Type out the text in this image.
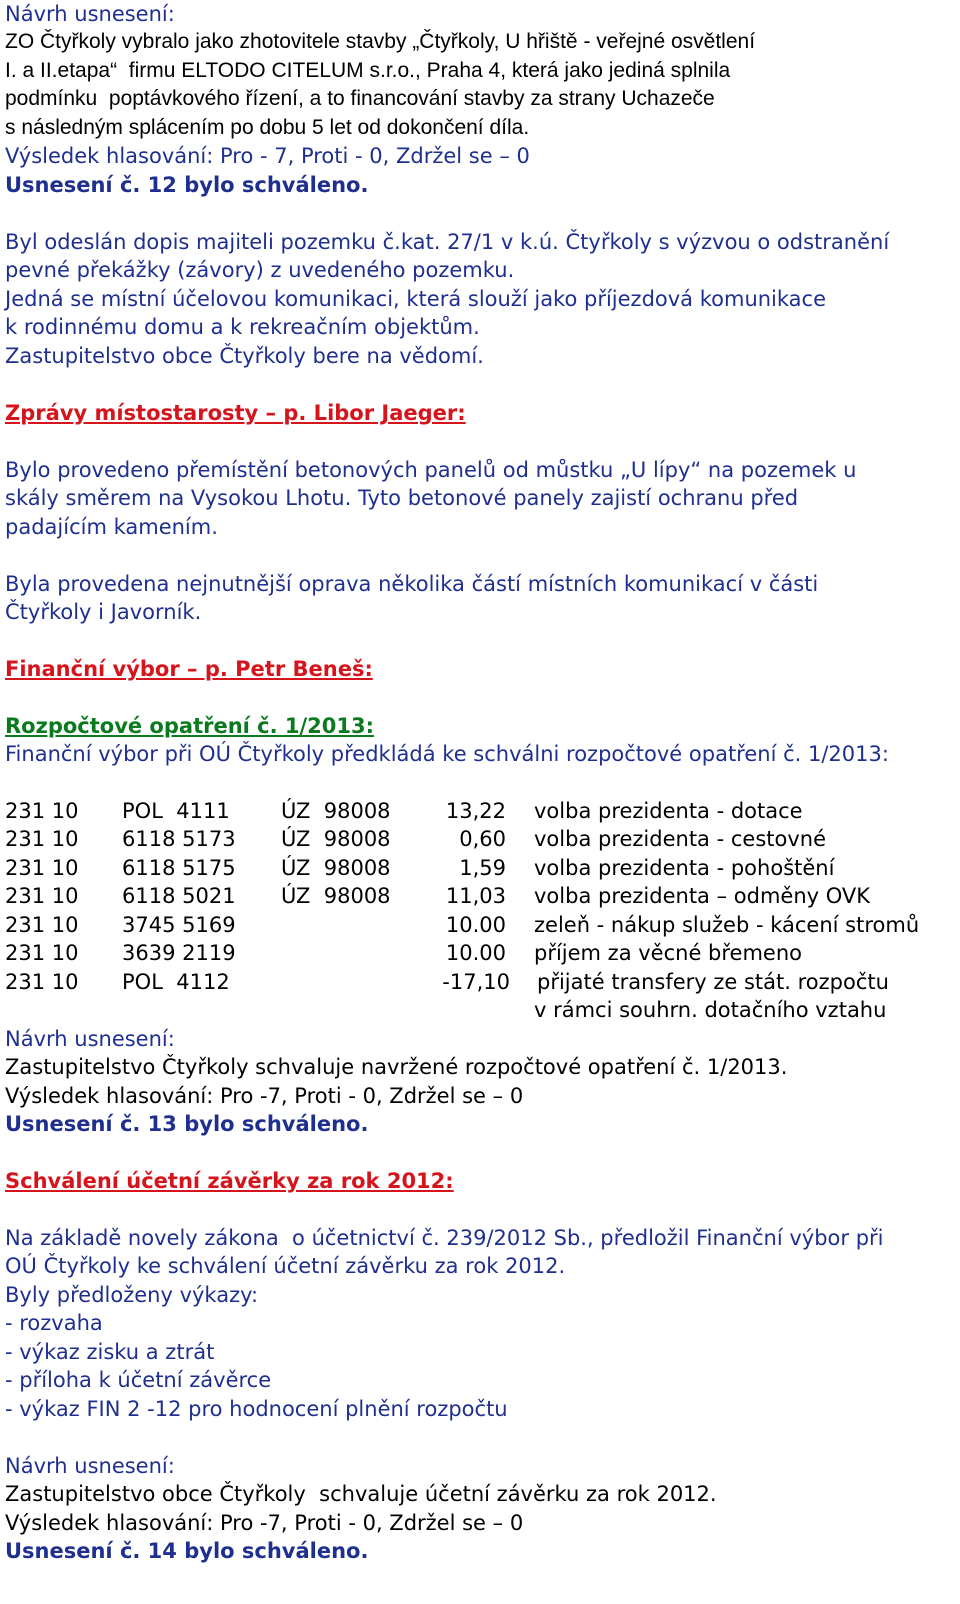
Návrh usnesení:
ZO Čtyřkoly vybralo jako zhotovitele stavby „Čtyřkoly, U hřiště - veřejné osvětlení
I. a II.etapa“  firmu ELTODO CITELUM s.r.o., Praha 4, která jako jediná splnila
podmínku  poptávkového řízení, a to financování stavby za strany Uchazeče
s následným splácením po dobu 5 let od dokončení díla.
Výsledek hlasování: Pro - 7, Proti - 0, Zdržel se – 0
Usnesení č. 12 bylo schváleno.
Byl odeslán dopis majiteli pozemku č.kat. 27/1 v k.ú. Čtyřkoly s výzvou o odstranění
pevné překážky (závory) z uvedeného pozemku.
Jedná se místní účelovou komunikaci, která slouží jako příjezdová komunikace
k rodinnému domu a k rekreačním objektům.
Zastupitelstvo obce Čtyřkoly bere na vědomí.
Zprávy místostarosty – p. Libor Jaeger:
Bylo provedeno přemístění betonových panelů od můstku „U lípy“ na pozemek u
skály směrem na Vysokou Lhotu. Tyto betonové panely zajistí ochranu před
padajícím kamením.
Byla provedena nejnutnější oprava několika částí místních komunikací v části
Čtyřkoly i Javorník.
Finanční výbor – p. Petr Beneš:
Rozpočtové opatření č. 1/2013:
Finanční výbor při OÚ Čtyřkoly předkládá ke schválni rozpočtové opatření č. 1/2013:
231 10 POL  4111 ÚZ  98008	13,22 volba prezidenta - dotace
231 10 6118 5173 ÚZ  98008	0,60 volba prezidenta - cestovné
231 10 6118 5175 ÚZ  98008	1,59 volba prezidenta - pohoštění
231 10 6118 5021 ÚZ  98008	11,03 volba prezidenta – odměny OVK
231 10 3745 5169	10.00 zeleň - nákup služeb - kácení stromů
231 10 3639 2119	10.00 příjem za věcné břemeno
231 10 POL  4112	-17,10 přijaté transfery ze stát. rozpočtu
v rámci souhrn. dotačního vztahu
Návrh usnesení:
Zastupitelstvo Čtyřkoly schvaluje navržené rozpočtové opatření č. 1/2013.
Výsledek hlasování: Pro -7, Proti - 0, Zdržel se – 0
Usnesení č. 13 bylo schváleno.
Schválení účetní závěrky za rok 2012:
Na základě novely zákona  o účetnictví č. 239/2012 Sb., předložil Finanční výbor při
OÚ Čtyřkoly ke schválení účetní závěrku za rok 2012.
Byly předloženy výkazy:
- rozvaha
- výkaz zisku a ztrát
- příloha k účetní závěrce
- výkaz FIN 2 -12 pro hodnocení plnění rozpočtu
Návrh usnesení:
Zastupitelstvo obce Čtyřkoly  schvaluje účetní závěrku za rok 2012.
Výsledek hlasování: Pro -7, Proti - 0, Zdržel se – 0
Usnesení č. 14 bylo schváleno.
